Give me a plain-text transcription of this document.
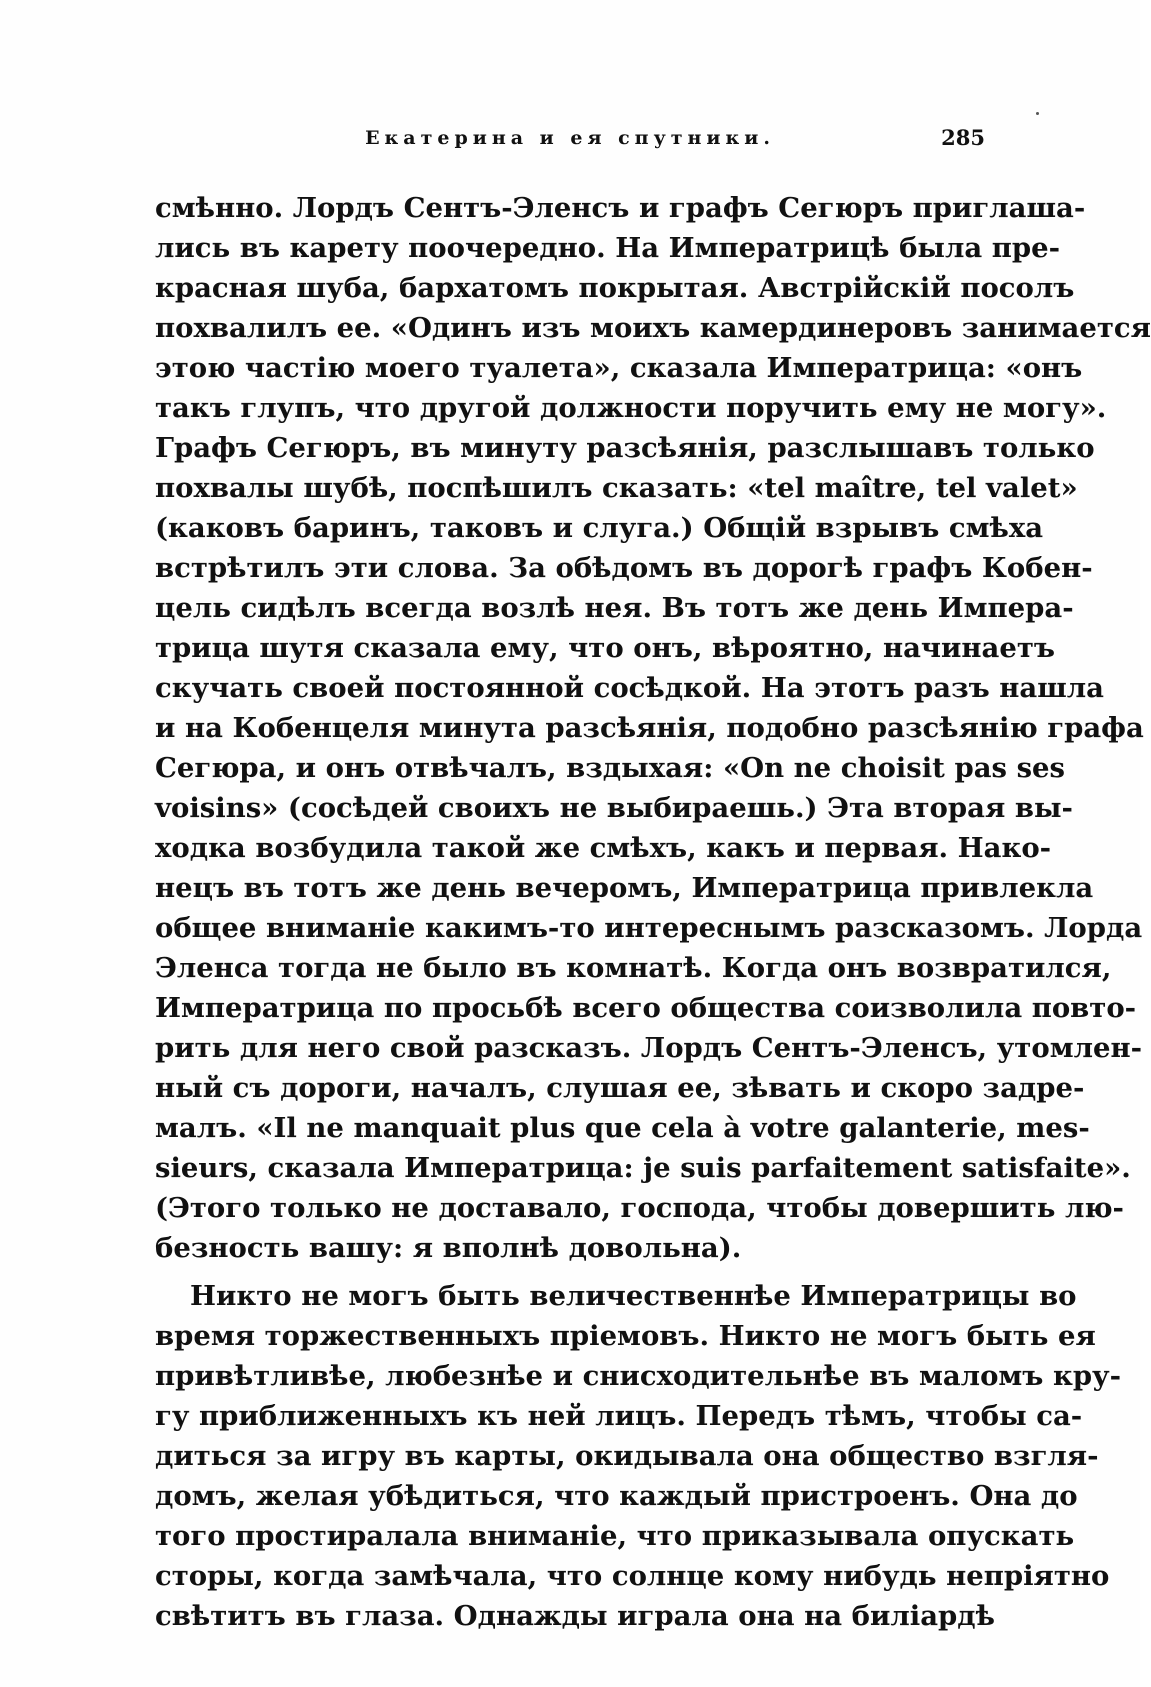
Екатерина и ея спутники.	285
смѣнно. Лордъ Сентъ-Эленсъ и графъ Сегюръ приглаша-
лись въ карету поочередно. На Императрицѣ была пре-
красная шуба, бархатомъ покрытая. Австрійскій посолъ
похвалилъ ее. «Одинъ изъ моихъ камердинеровъ занимается
этою частію моего туалета», сказала Императрица: «онъ
такъ глупъ, что другой должности поручить ему не могу».
Графъ Сегюръ, въ минуту разсѣянія, разслышавъ только
похвалы шубѣ, поспѣшилъ сказать: «tel maître, tel valet»
(каковъ баринъ, таковъ и слуга.) Общій взрывъ смѣха
встрѣтилъ эти слова. За обѣдомъ въ дорогѣ графъ Кобен-
цель сидѣлъ всегда возлѣ нея. Въ тотъ же день Импера-
трица шутя сказала ему, что онъ, вѣроятно, начинаетъ
скучать своей постоянной сосѣдкой. На этотъ разъ нашла
и на Кобенцеля минута разсѣянія, подобно разсѣянію графа
Сегюра, и онъ отвѣчалъ, вздыхая: «On ne choisit pas ses
voisins» (сосѣдей своихъ не выбираешь.) Эта вторая вы-
ходка возбудила такой же смѣхъ, какъ и первая. Нако-
нецъ въ тотъ же день вечеромъ, Императрица привлекла
общее вниманіе какимъ-то интереснымъ разсказомъ. Лорда
Эленса тогда не было въ комнатѣ. Когда онъ возвратился,
Императрица по просьбѣ всего общества соизволила повто-
рить для него свой разсказъ. Лордъ Сентъ-Эленсъ, утомлен-
ный съ дороги, началъ, слушая ее, зѣвать и скоро задре-
малъ. «Il ne manquait plus que cela à votre galanterie, mes-
sieurs, сказала Императрица: je suis parfaitement satisfaite».
(Этого только не доставало, господа, чтобы довершить лю-
безность вашу: я вполнѣ довольна).
Никто не могъ быть величественнѣе Императрицы во
время торжественныхъ пріемовъ. Никто не могъ быть ея
привѣтливѣе, любезнѣе и снисходительнѣе въ маломъ кру-
гу приближенныхъ къ ней лицъ. Передъ тѣмъ, чтобы са-
диться за игру въ карты, окидывала она общество взгля-
домъ, желая убѣдиться, что каждый пристроенъ. Она до
того простиралала вниманіе, что приказывала опускать
сторы, когда замѣчала, что солнце кому нибудь непріятно
свѣтитъ въ глаза. Однажды играла она на биліардѣ
